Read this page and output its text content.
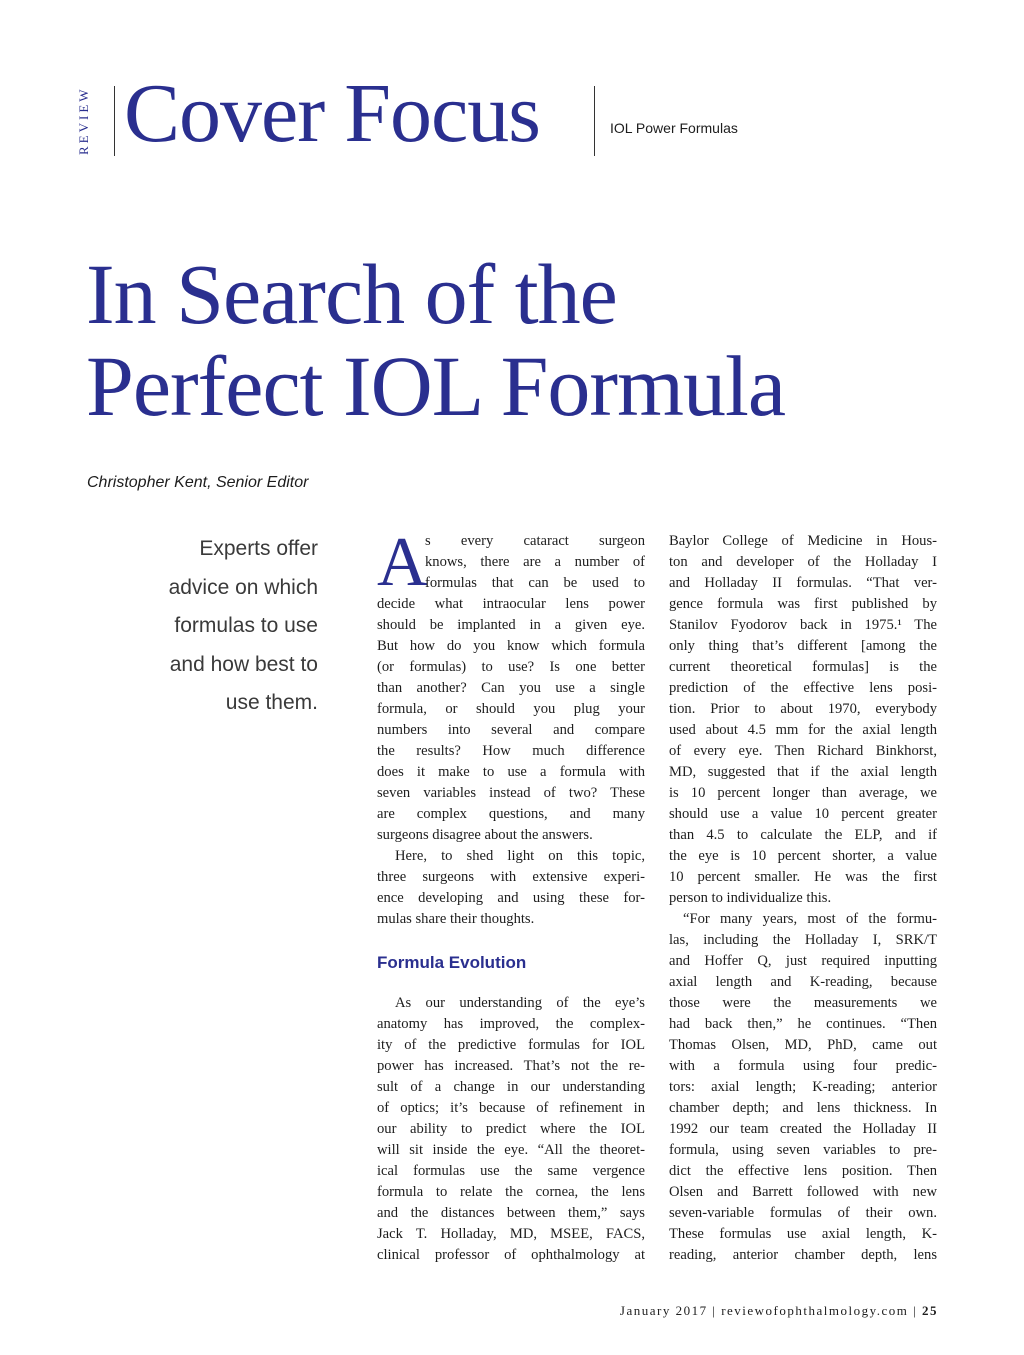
REVIEW Cover Focus	IOL Power Formulas
In Search of the
Perfect IOL Formula
Christopher Kent, Senior Editor
Experts offer
advice on which
formulas to use
and how best to
use them.
A
s every cataract surgeon
knows, there are a number of
formulas that can be used to
decide what intraocular lens power
should be implanted in a given eye.
But how do you know which formula
(or formulas) to use? Is one better
than another? Can you use a single
formula, or should you plug your
numbers into several and compare
the results? How much difference
does it make to use a formula with
seven variables instead of two? These
are complex questions, and many
surgeons disagree about the answers.
Here, to shed light on this topic,
three surgeons with extensive experi-
ence developing and using these for-
mulas share their thoughts.
As our understanding of the eye’s
anatomy has improved, the complex-
ity of the predictive formulas for IOL
power has increased. That’s not the re-
sult of a change in our understanding
of optics; it’s because of refinement in
our ability to predict where the IOL
will sit inside the eye. “All the theoret-
ical formulas use the same vergence
formula to relate the cornea, the lens
and the distances between them,” says
Jack T. Holladay, MD, MSEE, FACS,
clinical professor of ophthalmology at
Formula Evolution
Baylor College of Medicine in Hous-
ton and developer of the Holladay I
and Holladay II formulas. “That ver-
gence formula was first published by
Stanilov Fyodorov back in 1975.¹ The
only thing that’s different [among the
current theoretical formulas] is the
prediction of the effective lens posi-
tion. Prior to about 1970, everybody
used about 4.5 mm for the axial length
of every eye. Then Richard Binkhorst,
MD, suggested that if the axial length
is 10 percent longer than average, we
should use a value 10 percent greater
than 4.5 to calculate the ELP, and if
the eye is 10 percent shorter, a value
10 percent smaller. He was the first
person to individualize this.
“For many years, most of the formu-
las, including the Holladay I, SRK/T
and Hoffer Q, just required inputting
axial length and K-reading, because
those were the measurements we
had back then,” he continues. “Then
Thomas Olsen, MD, PhD, came out
with a formula using four predic-
tors: axial length; K-reading; anterior
chamber depth; and lens thickness. In
1992 our team created the Holladay II
formula, using seven variables to pre-
dict the effective lens position. Then
Olsen and Barrett followed with new
seven-variable formulas of their own.
These formulas use axial length, K-
reading, anterior chamber depth, lens
January 2017 | reviewofophthalmology.com | 25
